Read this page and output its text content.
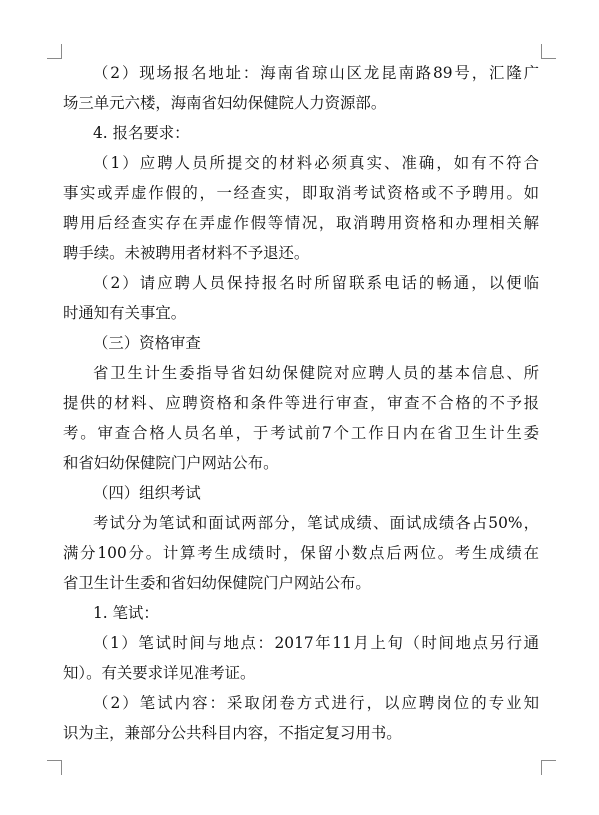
（2）现场报名地址：海南省琼山区龙昆南路89号，汇隆广
场三单元六楼，海南省妇幼保健院人力资源部。
4. 报名要求：
（1）应聘人员所提交的材料必须真实、准确，如有不符合
事实或弄虚作假的，一经查实，即取消考试资格或不予聘用。如
聘用后经查实存在弄虚作假等情况，取消聘用资格和办理相关解
聘手续。未被聘用者材料不予退还。
（2）请应聘人员保持报名时所留联系电话的畅通，以便临
时通知有关事宜。
（三）资格审查
省卫生计生委指导省妇幼保健院对应聘人员的基本信息、所
提供的材料、应聘资格和条件等进行审查，审查不合格的不予报
考。审查合格人员名单，于考试前7个工作日内在省卫生计生委
和省妇幼保健院门户网站公布。
（四）组织考试
考试分为笔试和面试两部分，笔试成绩、面试成绩各占50%，
满分100分。计算考生成绩时，保留小数点后两位。考生成绩在
省卫生计生委和省妇幼保健院门户网站公布。
1. 笔试：
（1）笔试时间与地点：2017年11月上旬（时间地点另行通
知）。有关要求详见准考证。
（2）笔试内容：采取闭卷方式进行，以应聘岗位的专业知
识为主，兼部分公共科目内容，不指定复习用书。
